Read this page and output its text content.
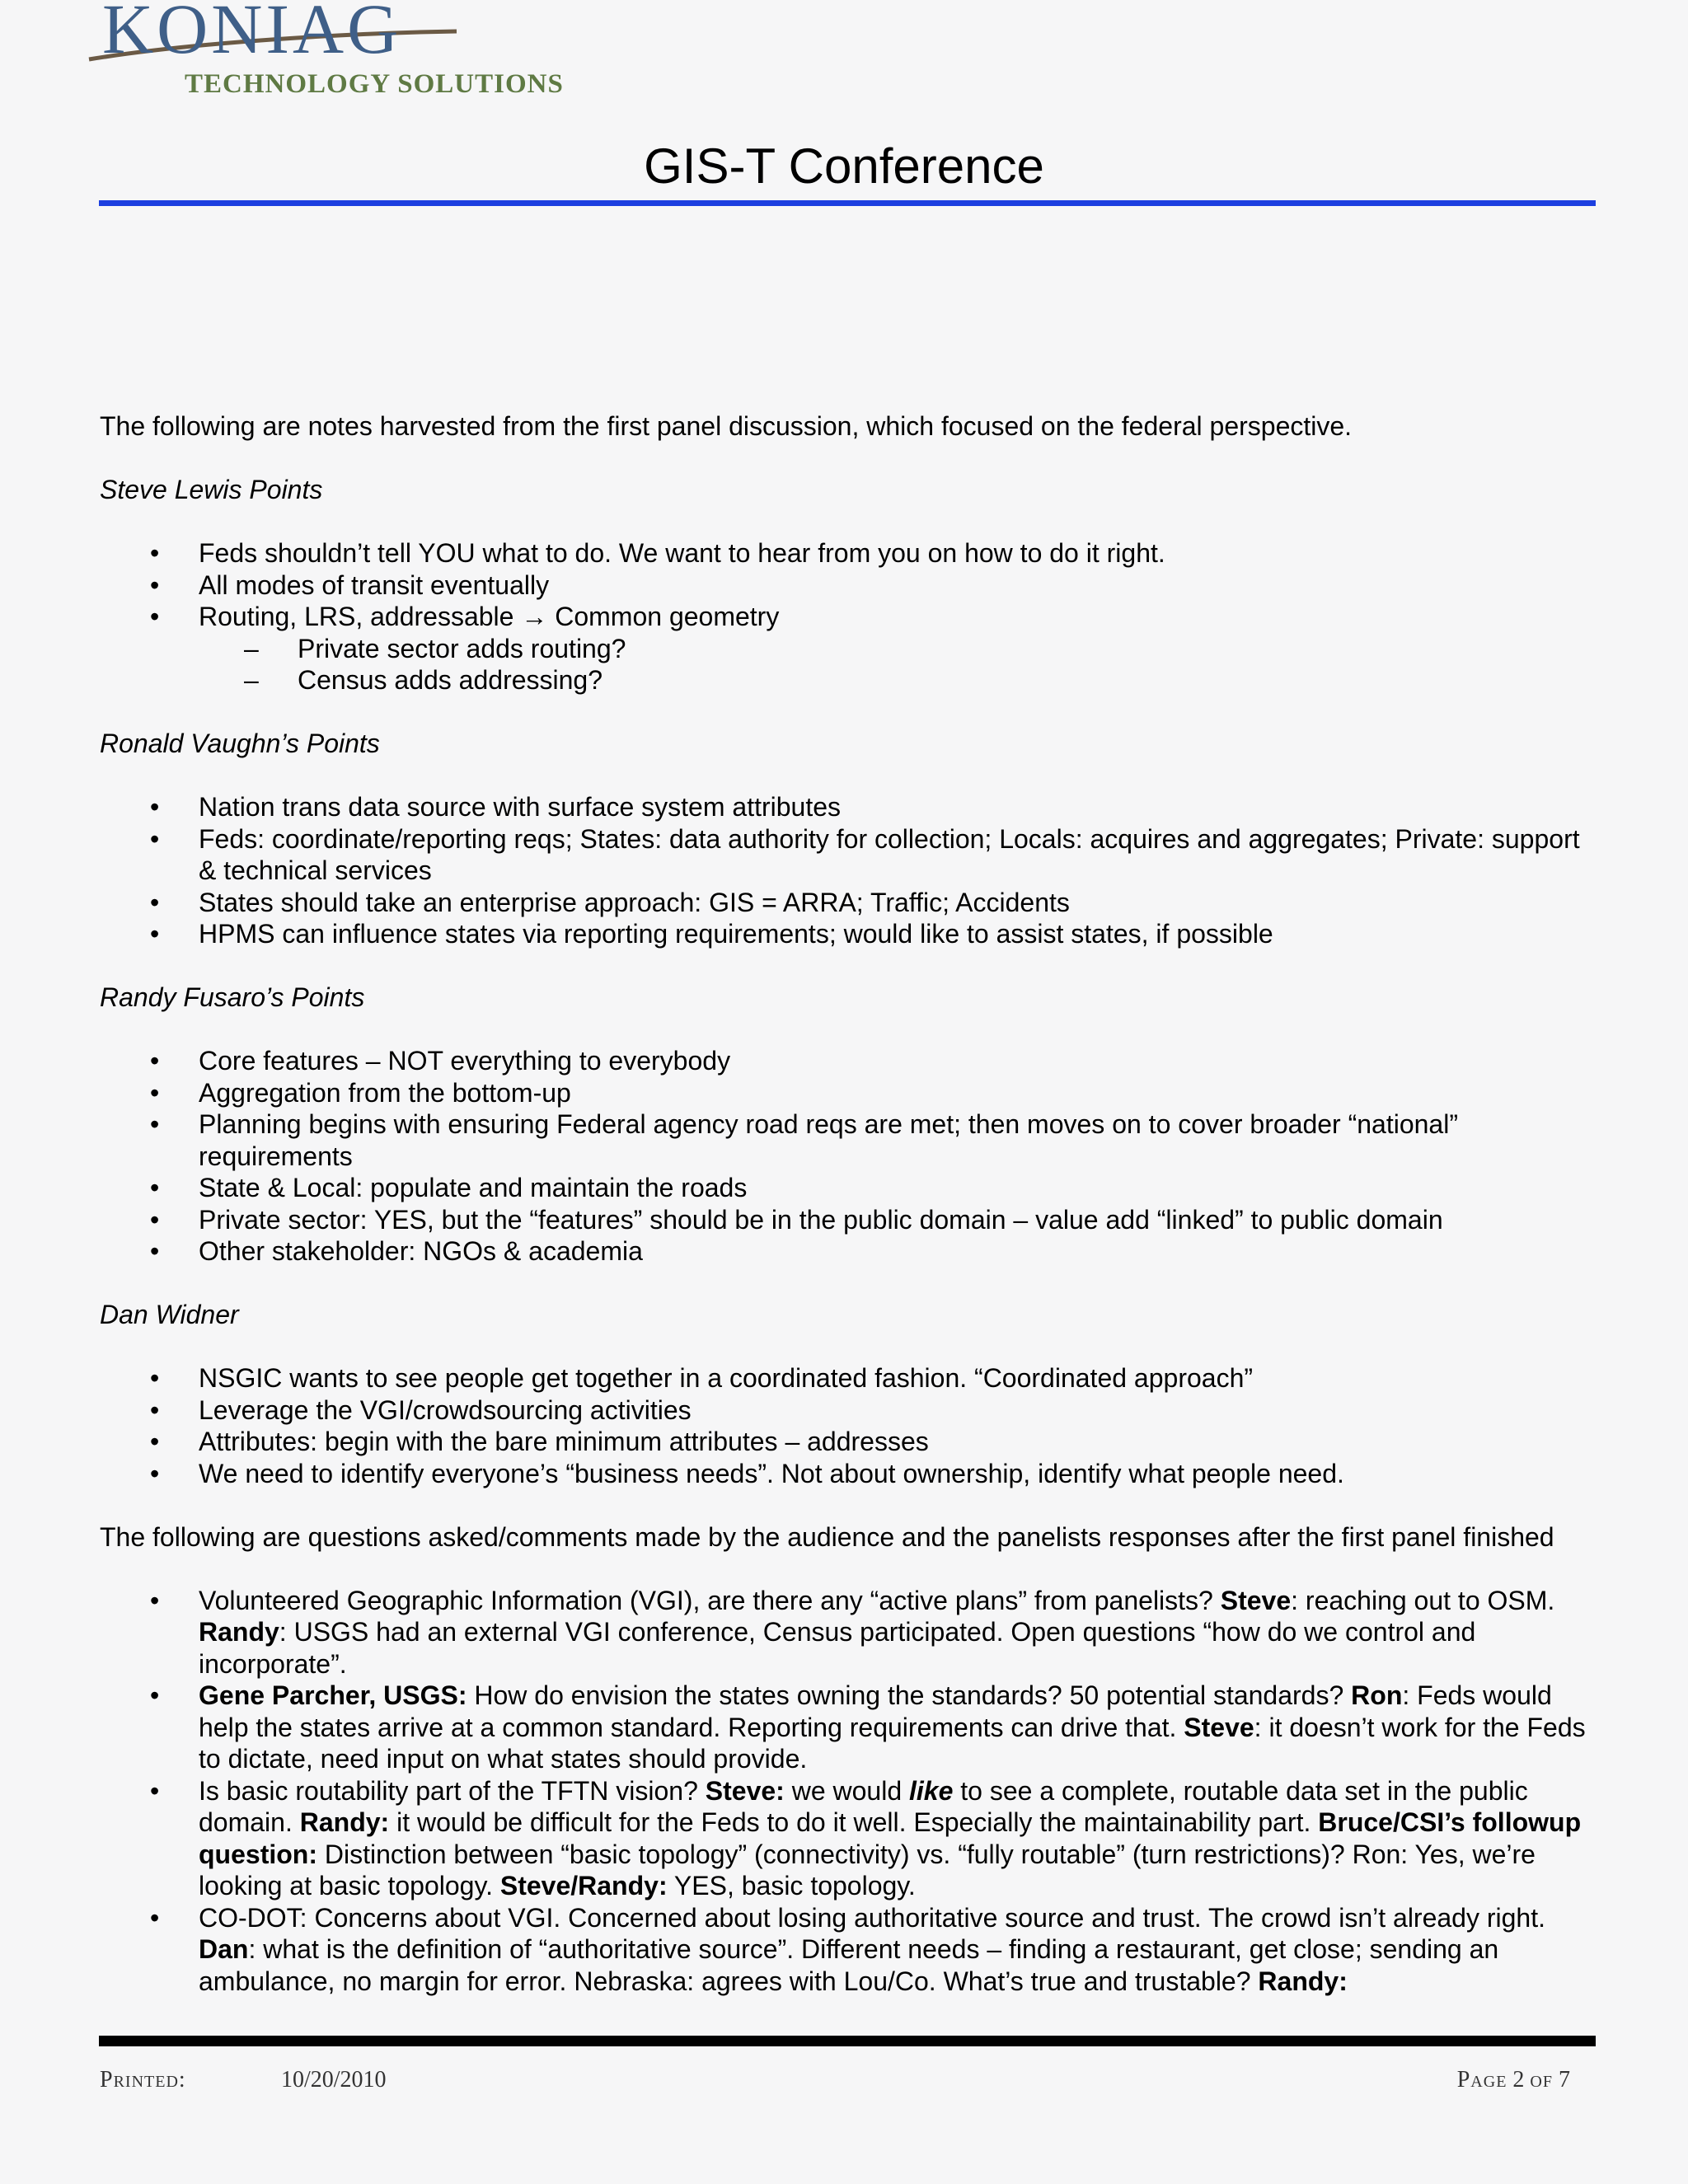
KONIAG
TECHNOLOGY SOLUTIONS
GIS-T Conference

The following are notes harvested from the first panel discussion, which focused on the federal perspective.

Steve Lewis Points

• Feds shouldn’t tell YOU what to do. We want to hear from you on how to do it right.
• All modes of transit eventually
• Routing, LRS, addressable → Common geometry
– Private sector adds routing?
– Census adds addressing?

Ronald Vaughn’s Points

• Nation trans data source with surface system attributes
• Feds: coordinate/reporting reqs; States: data authority for collection; Locals: acquires and aggregates; Private: support & technical services
• States should take an enterprise approach: GIS = ARRA; Traffic; Accidents
• HPMS can influence states via reporting requirements; would like to assist states, if possible

Randy Fusaro’s Points

• Core features – NOT everything to everybody
• Aggregation from the bottom-up
• Planning begins with ensuring Federal agency road reqs are met; then moves on to cover broader “national” requirements
• State & Local: populate and maintain the roads
• Private sector: YES, but the “features” should be in the public domain – value add “linked” to public domain
• Other stakeholder: NGOs & academia

Dan Widner

• NSGIC wants to see people get together in a coordinated fashion. “Coordinated approach”
• Leverage the VGI/crowdsourcing activities
• Attributes: begin with the bare minimum attributes – addresses
• We need to identify everyone’s “business needs”. Not about ownership, identify what people need.

The following are questions asked/comments made by the audience and the panelists responses after the first panel finished

• Volunteered Geographic Information (VGI), are there any “active plans” from panelists? Steve: reaching out to OSM. Randy: USGS had an external VGI conference, Census participated. Open questions “how do we control and incorporate”.
• Gene Parcher, USGS: How do envision the states owning the standards? 50 potential standards? Ron: Feds would help the states arrive at a common standard. Reporting requirements can drive that. Steve: it doesn’t work for the Feds to dictate, need input on what states should provide.
• Is basic routability part of the TFTN vision? Steve: we would like to see a complete, routable data set in the public domain. Randy: it would be difficult for the Feds to do it well. Especially the maintainability part. Bruce/CSI’s followup question: Distinction between “basic topology” (connectivity) vs. “fully routable” (turn restrictions)? Ron: Yes, we’re looking at basic topology. Steve/Randy: YES, basic topology.
• CO-DOT: Concerns about VGI. Concerned about losing authoritative source and trust. The crowd isn’t already right. Dan: what is the definition of “authoritative source”. Different needs – finding a restaurant, get close; sending an ambulance, no margin for error. Nebraska: agrees with Lou/Co. What’s true and trustable? Randy:
Printed:	10/20/2010	Page 2 of 7
